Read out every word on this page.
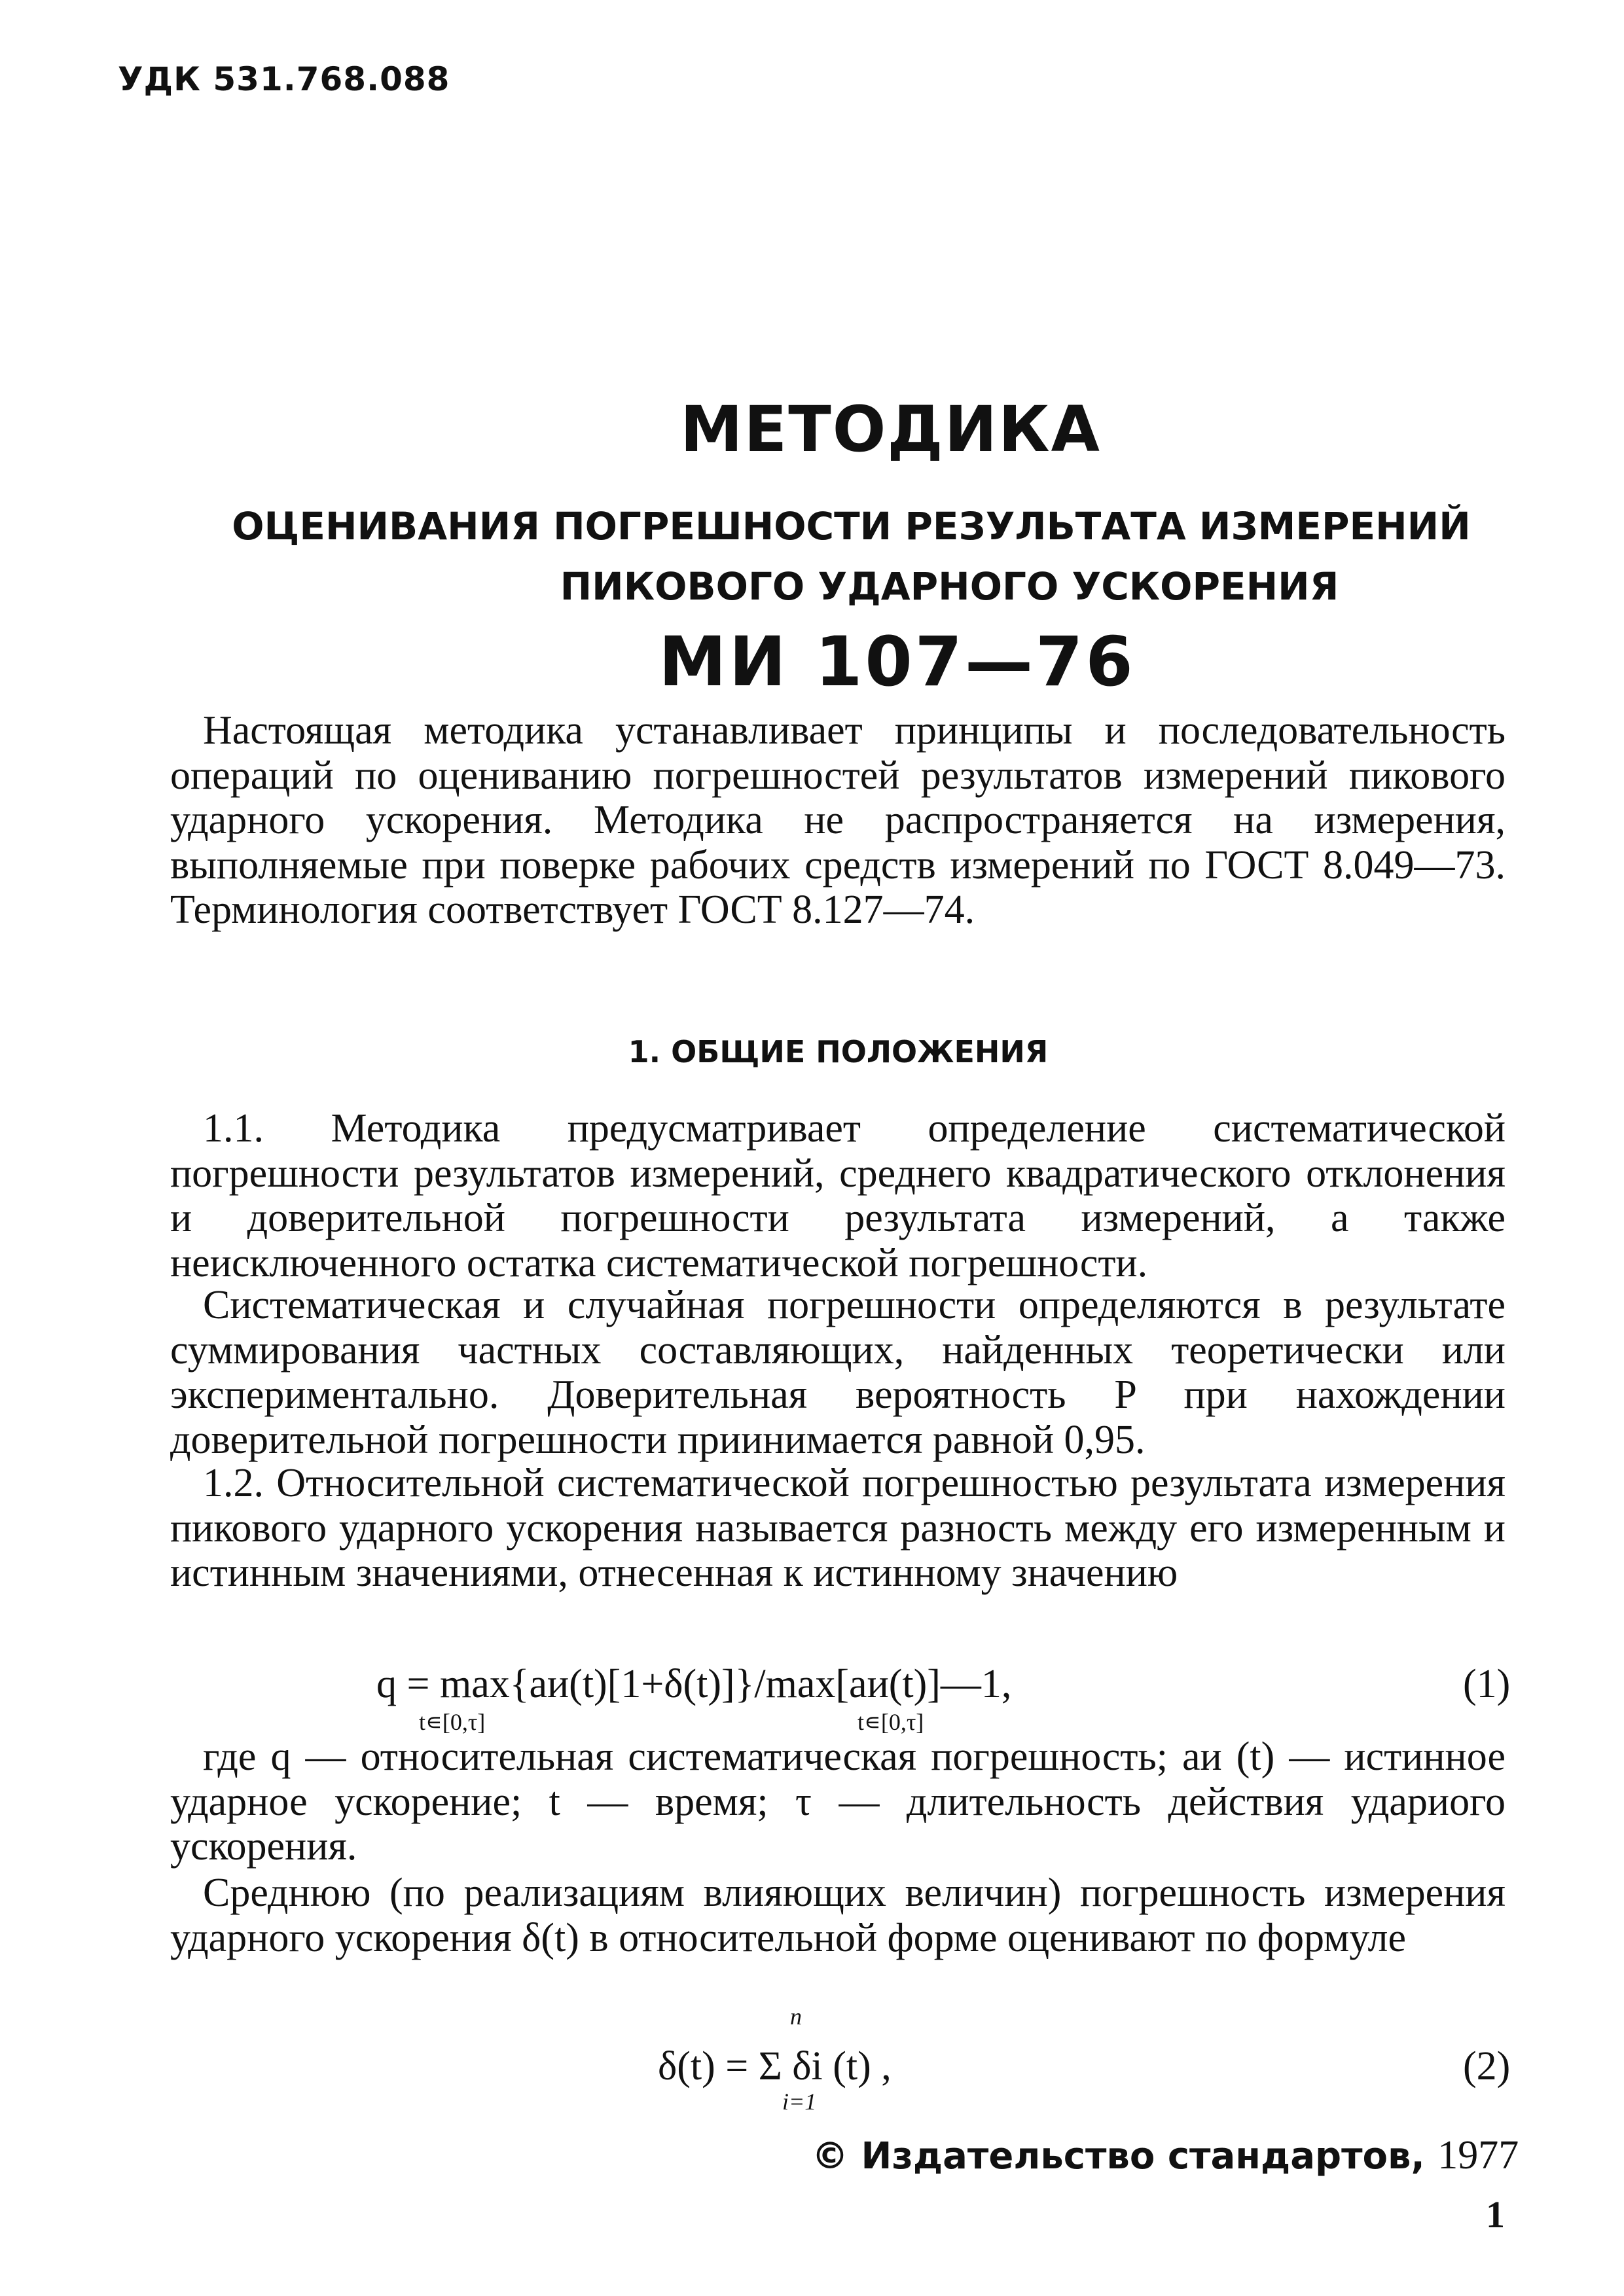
УДК 531.768.088
МЕТОДИКА
ОЦЕНИВАНИЯ ПОГРЕШНОСТИ РЕЗУЛЬТАТА ИЗМЕРЕНИЙ
ПИКОВОГО УДАРНОГО УСКОРЕНИЯ
МИ 107—76
Настоящая методика устанавливает принципы и последовательность операций по оцениванию погрешностей результатов измерений пикового ударного ускорения. Методика не распространяется на измерения, выполняемые при поверке рабочих средств измерений по ГОСТ 8.049—73. Терминология соответствует ГОСТ 8.127—74.
1. ОБЩИЕ ПОЛОЖЕНИЯ
1.1. Методика предусматривает определение систематической погрешности результатов измерений, среднего квадратического отклонения и доверительной погрешности результата измерений, а также неисключенного остатка систематической погрешности.
Систематическая и случайная погрешности определяются в результате суммирования частных составляющих, найденных теоретически или экспериментально. Доверительная вероятность P при нахождении доверительной погрешности приинимается равной 0,95.
1.2. Относительной систематической погрешностью результата измерения пикового ударного ускорения называется разность между его измеренным и истинным значениями, отнесенная к истинному значению
q = max{aи(t)[1+δ(t)]}/max[aи(t)]—1,
t∊[0,τ]	t∊[0,τ]
(1)
где q — относительная систематическая погрешность; aи (t) — истинное ударное ускорение; t — время; τ — длительность действия удариого ускорения.
Среднюю (по реализациям влияющих величин) погрешность измерения ударного ускорения δ(t) в относительной форме оценивают по формуле
n
δ(t) = Σ δi (t) ,
i=1
(2)
© Издательство стандартов, 1977
1
